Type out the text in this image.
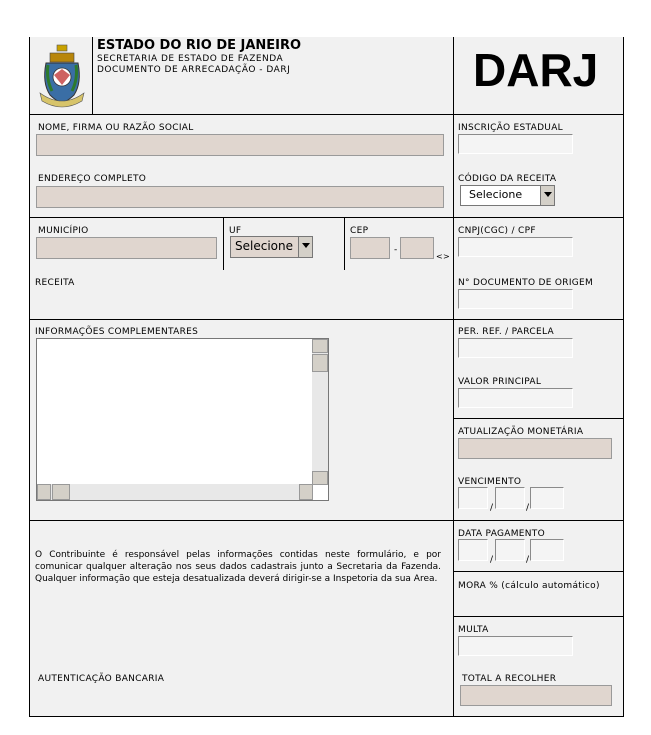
ESTADO DO RIO DE JANEIRO
SECRETARIA DE ESTADO DE FAZENDA
DOCUMENTO DE ARRECADAÇÃO - DARJ	DARJ
NOME, FIRMA OU RAZÃO SOCIAL
ENDEREÇO COMPLETO
MUNICÍPIO	UF
Selecione
CEP
-
<>
RECEITA
INFORMAÇÕES COMPLEMENTARES
O Contribuinte é responsável pelas informações contidas neste formulário, e por comunicar qualquer alteração nos seus dados cadastrais junto a Secretaria da Fazenda. Qualquer informação que esteja desatualizada deverá dirigir-se a Inspetoria da sua Area.
AUTENTICAÇÃO BANCARIA
INSCRIÇÃO ESTADUAL
CÓDIGO DA RECEITA
Selecione
CNPJ(CGC) / CPF
N° DOCUMENTO DE ORIGEM
PER. REF. / PARCELA
VALOR PRINCIPAL
ATUALIZAÇÃO MONETÁRIA
VENCIMENTO
/	/
DATA PAGAMENTO
/	/
MORA % (cálculo automático)
MULTA
TOTAL A RECOLHER
